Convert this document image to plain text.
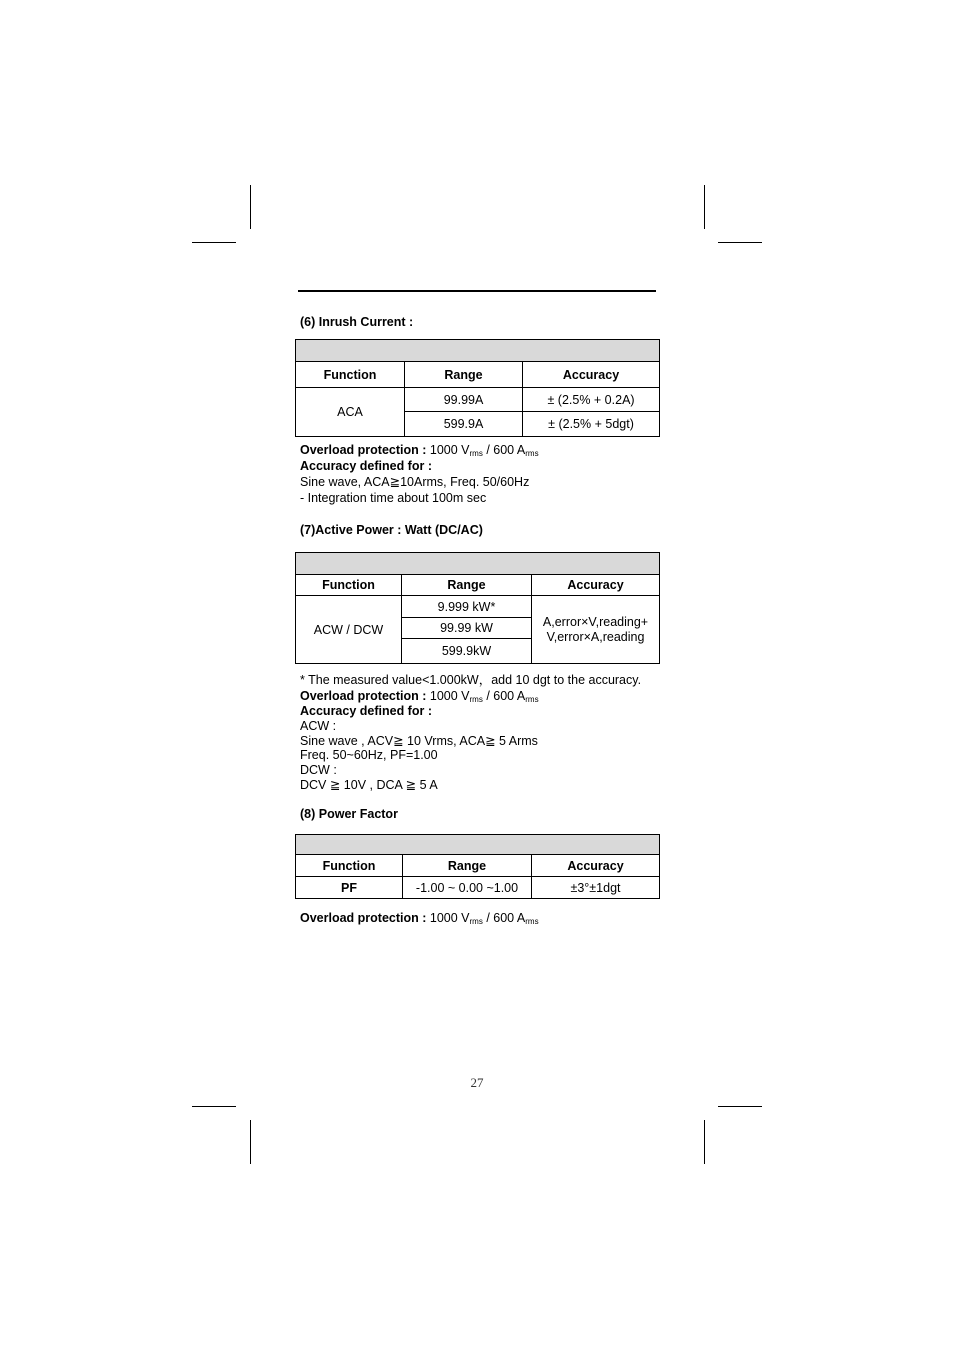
(6) Inrush Current :

Function	Range	Accuracy
ACA	99.99A	± (2.5% + 0.2A)
	599.9A	± (2.5% + 5dgt)
Overload protection : 1000 $V_{rms} / 600$ $A_{rms}$
Accuracy defined for :
Sine wave, ACA≧10Arms, Freq. 50/60Hz
- Integration time about 100m sec
(7)Active Power : Watt (DC/AC)

Function	Range	Accuracy
ACW / DCW	9.999 kW*	A,error×V,reading+
V,error×A,reading

	99.99 kW	
	599.9kW	
* The measured value<1.000kW，add 10 dgt to the accuracy.
Overload protection : 1000 $V_{rms} / 600$ $A_{rms}$
Accuracy defined for :
ACW :
Sine wave , ACV≧ 10 Vrms, ACA≧ 5 Arms
Freq. 50~60Hz, PF=1.00
DCW :
DCV ≧ 10V , DCA ≧ 5 A
(8) Power Factor

Function	Range	Accuracy
PF	-1.00 ~ 0.00 ~1.00	±3°±1dgt
Overload protection : 1000 $V_{rms} / 600$ $A_{rms}$
27
